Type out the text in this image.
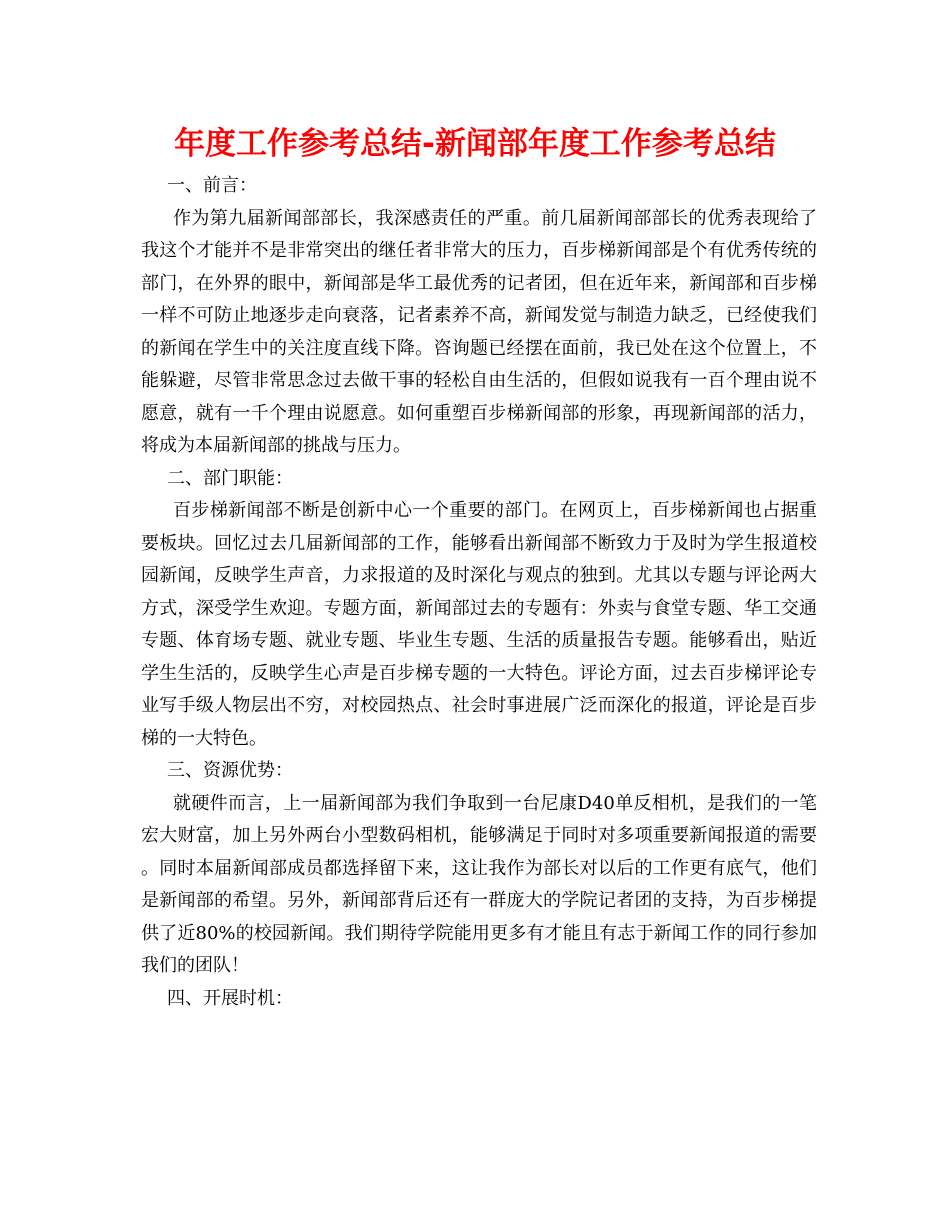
年度工作参考总结-新闻部年度工作参考总结

一、前言：

作为第九届新闻部部长，我深感责任的严重。前几届新闻部部长的优秀表现给了我这个才能并不是非常突出的继任者非常大的压力，百步梯新闻部是个有优秀传统的部门，在外界的眼中，新闻部是华工最优秀的记者团，但在近年来，新闻部和百步梯一样不可防止地逐步走向衰落，记者素养不高，新闻发觉与制造力缺乏，已经使我们的新闻在学生中的关注度直线下降。咨询题已经摆在面前，我已处在这个位置上，不能躲避，尽管非常思念过去做干事的轻松自由生活的，但假如说我有一百个理由说不愿意，就有一千个理由说愿意。如何重塑百步梯新闻部的形象，再现新闻部的活力，将成为本届新闻部的挑战与压力。

二、部门职能：

百步梯新闻部不断是创新中心一个重要的部门。在网页上，百步梯新闻也占据重要板块。回忆过去几届新闻部的工作，能够看出新闻部不断致力于及时为学生报道校园新闻，反映学生声音，力求报道的及时深化与观点的独到。尤其以专题与评论两大方式，深受学生欢迎。专题方面，新闻部过去的专题有：外卖与食堂专题、华工交通专题、体育场专题、就业专题、毕业生专题、生活的质量报告专题。能够看出，贴近学生生活的，反映学生心声是百步梯专题的一大特色。评论方面，过去百步梯评论专业写手级人物层出不穷，对校园热点、社会时事进展广泛而深化的报道，评论是百步梯的一大特色。

三、资源优势：

就硬件而言，上一届新闻部为我们争取到一台尼康D40单反相机，是我们的一笔宏大财富，加上另外两台小型数码相机，能够满足于同时对多项重要新闻报道的需要。同时本届新闻部成员都选择留下来，这让我作为部长对以后的工作更有底气，他们是新闻部的希望。另外，新闻部背后还有一群庞大的学院记者团的支持，为百步梯提供了近80%的校园新闻。我们期待学院能用更多有才能且有志于新闻工作的同行参加我们的团队！

四、开展时机：
